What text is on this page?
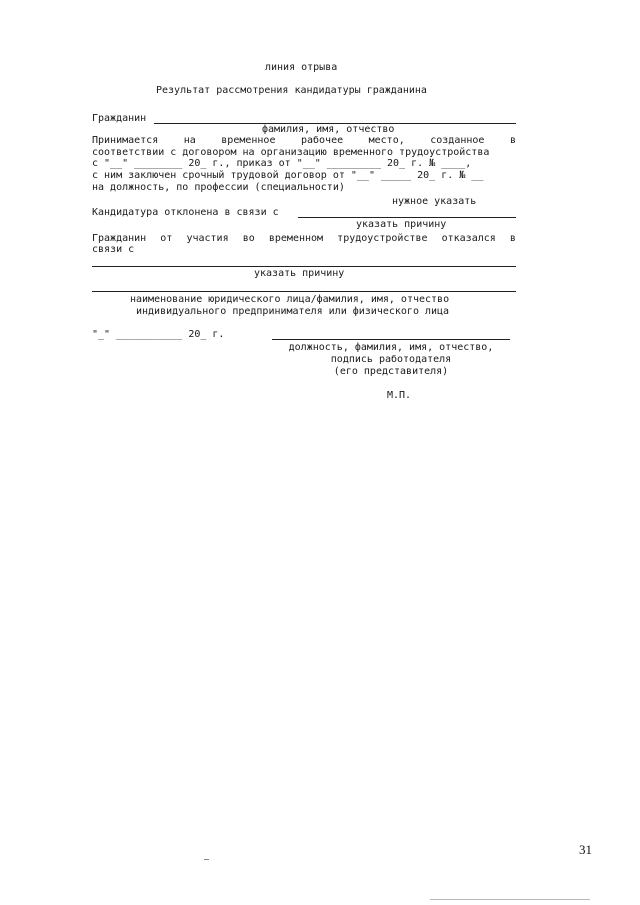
линия отрыва
Результат рассмотрения кандидатуры гражданина
Гражданин
фамилия, имя, отчество
Принимается	на	временное	рабочее	место,	созданное	в
соответствии с договором на организацию временного трудоустройства
с "__" ________ 20_ г., приказ от "__" _________ 20_ г. № ____,
с ним заключен срочный трудовой договор от "__" _____ 20_ г. № __
на должность, по профессии (специальности)
нужное указать
Кандидатура отклонена в связи с
указать причину
Гражданин от участия во временном трудоустройстве отказался в
связи с
указать причину
наименование юридического лица/фамилия, имя, отчество
индивидуального предпринимателя или физического лица
"_" ___________ 20_ г.
должность, фамилия, имя, отчество,
подпись работодателя
(его представителя)
М.П.
31
